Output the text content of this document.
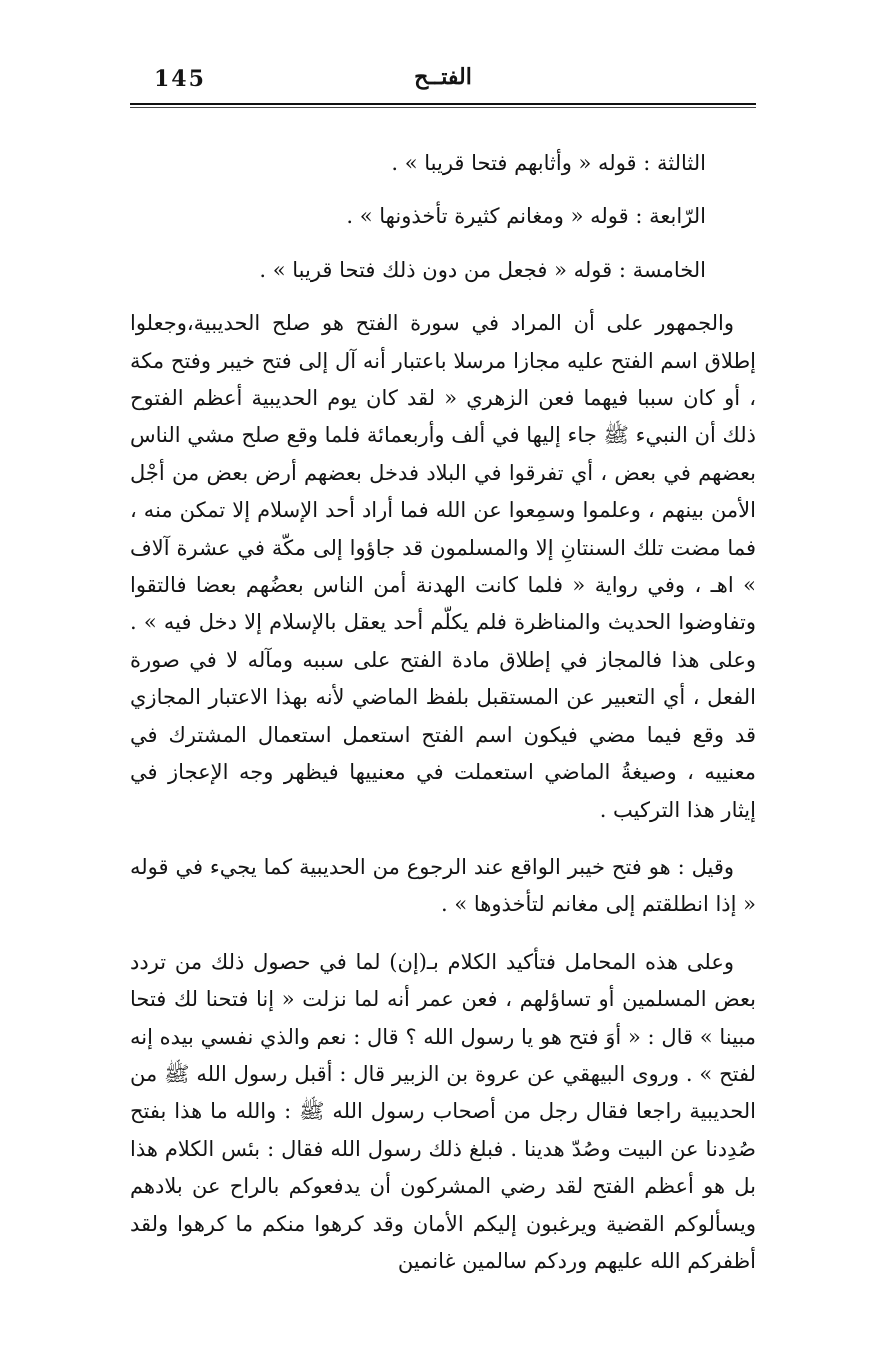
145	الفتــح

الثالثة : قوله « وأثابهم فتحا قريبا » .

الرّابعة : قوله « ومغانم كثيرة تأخذونها » .

الخامسة : قوله « فجعل من دون ذلك فتحا قريبا » .

والجمهور على أن المراد في سورة الفتح هو صلح الحديبية،وجعلوا إطلاق اسم الفتح عليه مجازا مرسلا باعتبار أنه آل إلى فتح خيبر وفتح مكة ، أو كان سببا فيهما فعن الزهري « لقد كان يوم الحديبية أعظم الفتوح ذلك أن النبيء ﷺ جاء إليها في ألف وأربعمائة فلما وقع صلح مشي الناس بعضهم في بعض ، أي تفرقوا في البلاد فدخل بعضهم أرض بعض من أجْل الأمن بينهم ، وعلموا وسمِعوا عن الله فما أراد أحد الإسلام إلا تمكن منه ، فما مضت تلك السنتانِ إلا والمسلمون قد جاؤوا إلى مكّة في عشرة آلاف » اهـ ، وفي رواية « فلما كانت الهدنة أمن الناس بعضُهم بعضا فالتقوا وتفاوضوا الحديث والمناظرة فلم يكلّم أحد يعقل بالإسلام إلا دخل فيه » . وعلى هذا فالمجاز في إطلاق مادة الفتح على سببه ومآله لا في صورة الفعل ، أي التعبير عن المستقبل بلفظ الماضي لأنه بهذا الاعتبار المجازي قد وقع فيما مضي فيكون اسم الفتح استعمل استعمال المشترك في معنييه ، وصيغةُ الماضي استعملت في معنييها فيظهر وجه الإعجاز في إيثار هذا التركيب .

وقيل : هو فتح خيبر الواقع عند الرجوع من الحديبية كما يجيء في قوله « إذا انطلقتم إلى مغانم لتأخذوها » .

وعلى هذه المحامل فتأكيد الكلام بـ(إن) لما في حصول ذلك من تردد بعض المسلمين أو تساؤلهم ، فعن عمر أنه لما نزلت « إنا فتحنا لك فتحا مبينا » قال : « أوَ فتح هو يا رسول الله ؟ قال : نعم والذي نفسي بيده إنه لفتح » . وروى البيهقي عن عروة بن الزبير قال : أقبل رسول الله ﷺ من الحديبية راجعا فقال رجل من أصحاب رسول الله ﷺ : والله ما هذا بفتح صُدِدنا عن البيت وصُدّ هدينا . فبلغ ذلك رسول الله فقال : بئس الكلام هذا بل هو أعظم الفتح لقد رضي المشركون أن يدفعوكم بالراح عن بلادهم ويسألوكم القضية ويرغبون إليكم الأمان وقد كرهوا منكم ما كرهوا ولقد أظفركم الله عليهم وردكم سالمين غانمين
